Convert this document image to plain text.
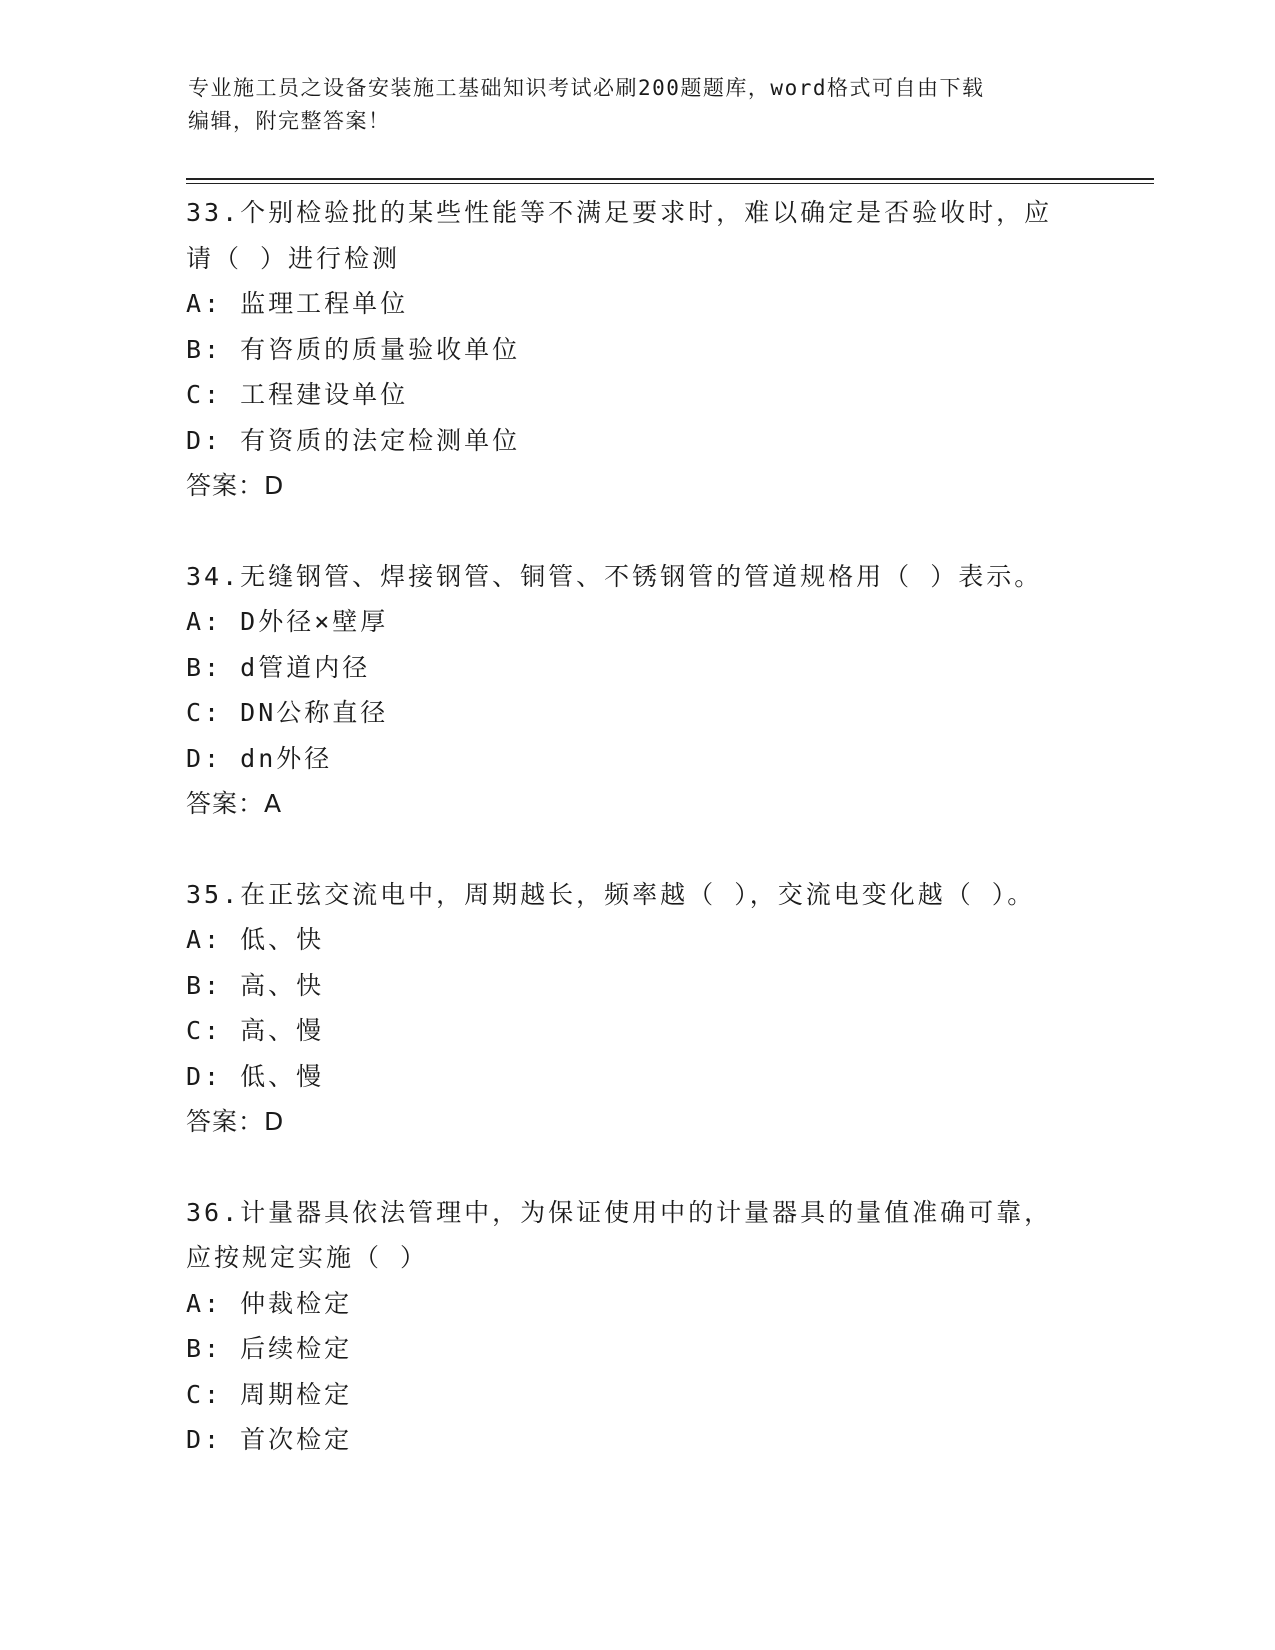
专业施工员之设备安装施工基础知识考试必刷200题题库，word格式可自由下载
编辑，附完整答案！
33.个别检验批的某些性能等不满足要求时，难以确定是否验收时，应
请（ ）进行检测
A: 监理工程单位
B: 有咨质的质量验收单位
C: 工程建设单位
D: 有资质的法定检测单位
答案：D
34.无缝钢管、焊接钢管、铜管、不锈钢管的管道规格用（ ）表示。
A: D外径×壁厚
B: d管道内径
C: DN公称直径
D: dn外径
答案：A
35.在正弦交流电中，周期越长，频率越（ ），交流电变化越（ ）。
A: 低、快
B: 高、快
C: 高、慢
D: 低、慢
答案：D
36.计量器具依法管理中，为保证使用中的计量器具的量值准确可靠，
应按规定实施（ ）
A: 仲裁检定
B: 后续检定
C: 周期检定
D: 首次检定
